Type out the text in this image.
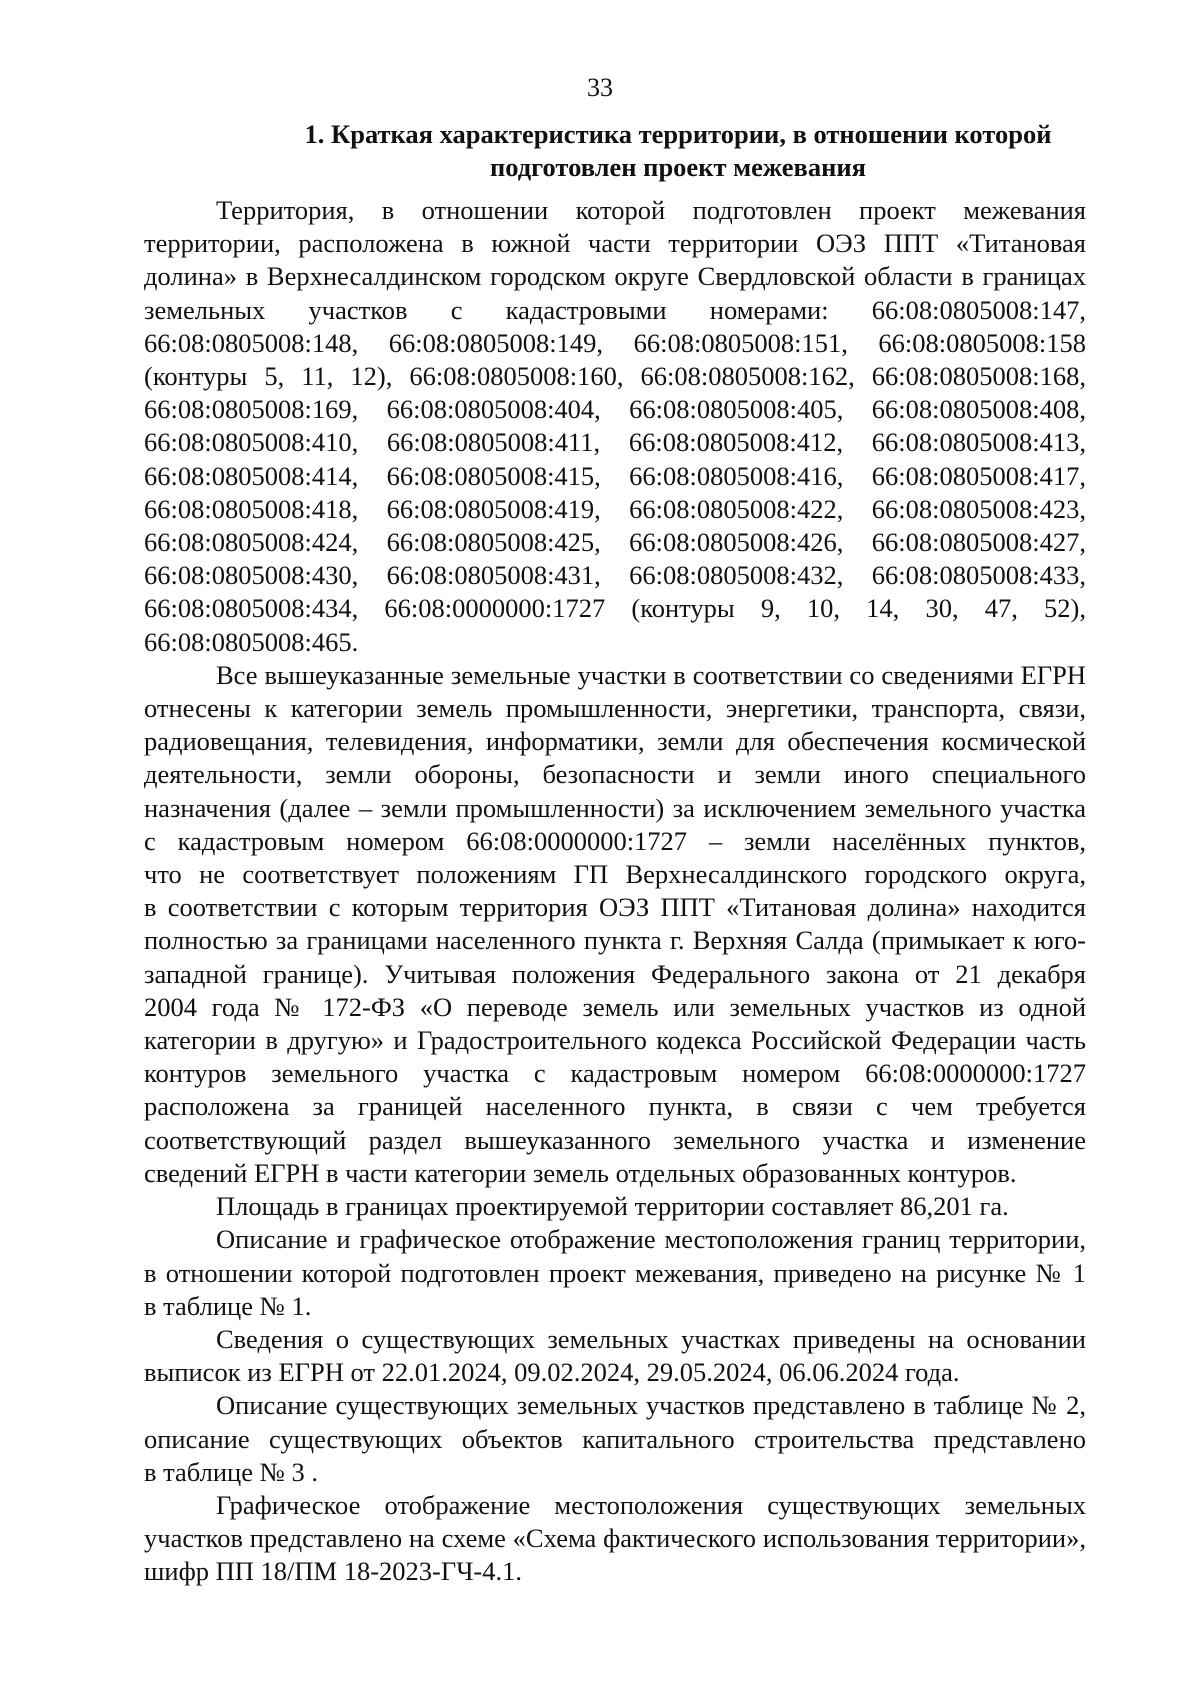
33
1. Краткая характеристика территории, в отношении которой
подготовлен проект межевания

Территория, в отношении которой подготовлен проект межевания
территории, расположена в южной части территории ОЭЗ ППТ «Титановая
долина» в Верхнесалдинском городском округе Свердловской области в границах
земельных участков с кадастровыми номерами: 66:08:0805008:147,
66:08:0805008:148, 66:08:0805008:149, 66:08:0805008:151, 66:08:0805008:158
(контуры 5, 11, 12), 66:08:0805008:160, 66:08:0805008:162, 66:08:0805008:168,
66:08:0805008:169, 66:08:0805008:404, 66:08:0805008:405, 66:08:0805008:408,
66:08:0805008:410, 66:08:0805008:411, 66:08:0805008:412, 66:08:0805008:413,
66:08:0805008:414, 66:08:0805008:415, 66:08:0805008:416, 66:08:0805008:417,
66:08:0805008:418, 66:08:0805008:419, 66:08:0805008:422, 66:08:0805008:423,
66:08:0805008:424, 66:08:0805008:425, 66:08:0805008:426, 66:08:0805008:427,
66:08:0805008:430, 66:08:0805008:431, 66:08:0805008:432, 66:08:0805008:433,
66:08:0805008:434, 66:08:0000000:1727 (контуры 9, 10, 14, 30, 47, 52),
66:08:0805008:465.

Все вышеуказанные земельные участки в соответствии со сведениями ЕГРН
отнесены к категории земель промышленности, энергетики, транспорта, связи,
радиовещания, телевидения, информатики, земли для обеспечения космической
деятельности, земли обороны, безопасности и земли иного специального
назначения (далее – земли промышленности) за исключением земельного участка
с кадастровым номером 66:08:0000000:1727 – земли населённых пунктов,
что не соответствует положениям ГП Верхнесалдинского городского округа,
в соответствии с которым территория ОЭЗ ППТ «Титановая долина» находится
полностью за границами населенного пункта г. Верхняя Салда (примыкает к юго-
западной границе). Учитывая положения Федерального закона от 21 декабря
2004 года № 172-ФЗ «О переводе земель или земельных участков из одной
категории в другую» и Градостроительного кодекса Российской Федерации часть
контуров земельного участка с кадастровым номером 66:08:0000000:1727
расположена за границей населенного пункта, в связи с чем требуется
соответствующий раздел вышеуказанного земельного участка и изменение
сведений ЕГРН в части категории земель отдельных образованных контуров.

Площадь в границах проектируемой территории составляет 86,201 га.

Описание и графическое отображение местоположения границ территории,
в отношении которой подготовлен проект межевания, приведено на рисунке № 1
в таблице № 1.

Сведения о существующих земельных участках приведены на основании
выписок из ЕГРН от 22.01.2024, 09.02.2024, 29.05.2024, 06.06.2024 года.

Описание существующих земельных участков представлено в таблице № 2,
описание существующих объектов капитального строительства представлено
в таблице № 3 .

Графическое отображение местоположения существующих земельных
участков представлено на схеме «Схема фактического использования территории»,
шифр ПП 18/ПМ 18-2023-ГЧ-4.1.
